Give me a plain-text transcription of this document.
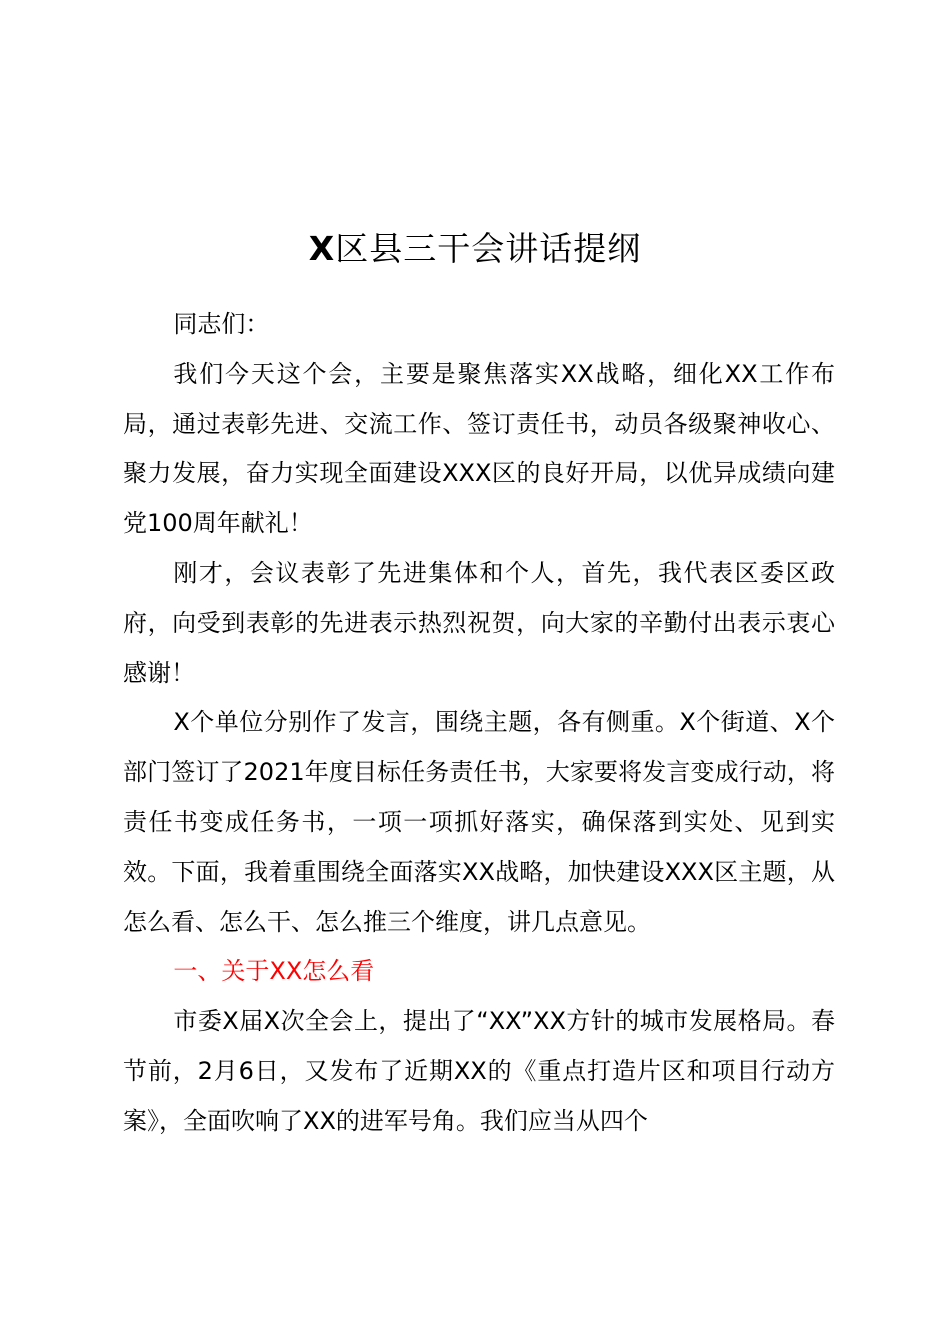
X区县三干会讲话提纲

同志们：

我们今天这个会，主要是聚焦落实XX战略，细化XX工作布局，通过表彰先进、交流工作、签订责任书，动员各级聚神收心、聚力发展，奋力实现全面建设XXX区的良好开局，以优异成绩向建党100周年献礼！

刚才，会议表彰了先进集体和个人，首先，我代表区委区政府，向受到表彰的先进表示热烈祝贺，向大家的辛勤付出表示衷心感谢！

X个单位分别作了发言，围绕主题，各有侧重。X个街道、X个部门签订了2021年度目标任务责任书，大家要将发言变成行动，将责任书变成任务书，一项一项抓好落实，确保落到实处、见到实效。下面，我着重围绕全面落实XX战略，加快建设XXX区主题，从怎么看、怎么干、怎么推三个维度，讲几点意见。

一、关于XX怎么看

市委X届X次全会上，提出了“XX”XX方针的城市发展格局。春节前，2月6日，又发布了近期XX的《重点打造片区和项目行动方案》，全面吹响了XX的进军号角。我们应当从四个
